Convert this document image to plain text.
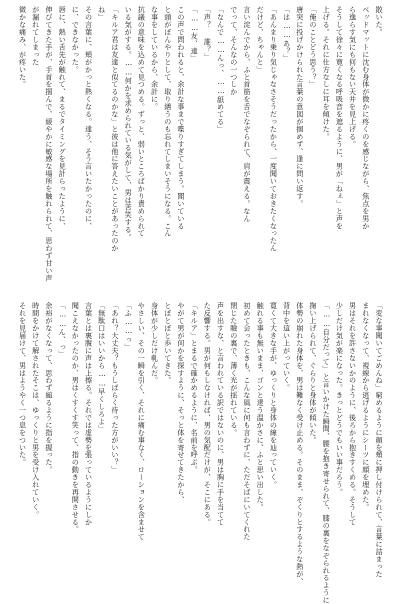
散いた。
ベッドマットに沈む身体が微かに疼くのを感じながら、焦点を男か
ら逸らす気にも何もない天井を見上げる。
そうして徐々に寛くなる呼吸音を遮るように、男が「ねぇ」と声を
上げる。それに仕方なしに耳を傾けた。
「俺のことどう思う？」
唐突に投げかけられた言葉の意図が掴めず、逢に問い返す。
「は……あ？」
「あんまり乗り気じゃなさそうだったから、一度聞いておきたくなったん
だけど、ちゃんと」
言い淀んでから、ふと首筋を舌でなぞられて、肩が震える。なん
でって、そんなの一つしか
「なんで……んっ、……舐めてる」
「声？ 誰？」
「……友、達」
この声で問われると、余計な事まで喋りすぎてしまう。聞いている
と頭がぼんやりとして、取り繕うのも忘れてしまいそうになる。こん
な事をしているから、余計に。
抗議の意味を込めて見つめる。ずっと、弱いところばかり責められて
いる気がする。……何かを求められている気がして、男は苦笑する。
「キルア君は友達と似てるのかな」と彼は他に答えたいことがあったのか
ね」
その言葉に、頬がかっと熱くなる。達う、そう言いたかったのに、
に、できなかった。
唇に、熱い舌先が触れて、まるでタイミングを見計らったように、
伸びてきた手が、手首を掴んで、緩やかに敏感な場所を触れられて、思わず甘い声
が漏れてしまった
微かな痛み、が疼いた。
「変な事聞いてごめんね」窮めるように顔を頬に押し付けられて、言葉に詰まった
まれなくなって、視線から逃げるようにシーツに顔を埋めた。
男はそれを許さないかのように、後ろから抱きすくめる。そうして
少しだけ気が楽になった。きっとどうでもいい事だろう。
「……自分だって」と言いかけた瞬間、腰を抱き寄せられて、膝の裏をなぞられるように
掬い上げられて、ぐらりと身体が傾いた。
体勢の崩れた身体を、男は難なく受け止める。そのまま、ぞくりとするような熱が、
背中を這い上がっていく。
寛くて大きな手が、ゆっくりと身体の線を辿っていく。
触れる事も無いまま、ゴンと達う温かさに、ふと思い出した。
初めて会ったときも、こんな風に何も言わずに、ただそばにいてくれた
閉じた瞼の裏で、薄く光が揺れている。
声を出すな、と言われている訳ではないのに、男は胸に手を当てて
た反響する。男が何もしなければ、男の気配だけが、そこにある。
「キルア」とまるで確かめるように、名前を呼ぶ。
やがて男が何かを探すように、そっと体を寄せてきたから、
とぼとぼと歩いてきた。
身体が少しだけ軋んだ。
やさしい、その一瞬を引く、それに痛む事なく、ローションを含ませて
「ふ……っ」
「あれ？大丈夫？もうしばらく待った方がいい？」
「無駄口はいいから……早くしろよ」
言葉とは裏腹に声は上擦る。それでは虚勢を張っているようにしか
聞こえなかったのか、男はくすくす笑って、指の動きを再開させる。
「……ん、っ」
余裕がなくなって、思わず縋るように指を握った。
時間をかけて解されたそこは、ゆっくりと男を受け入れていく。
それを見届けて、男はようやく一つ息をついた。
